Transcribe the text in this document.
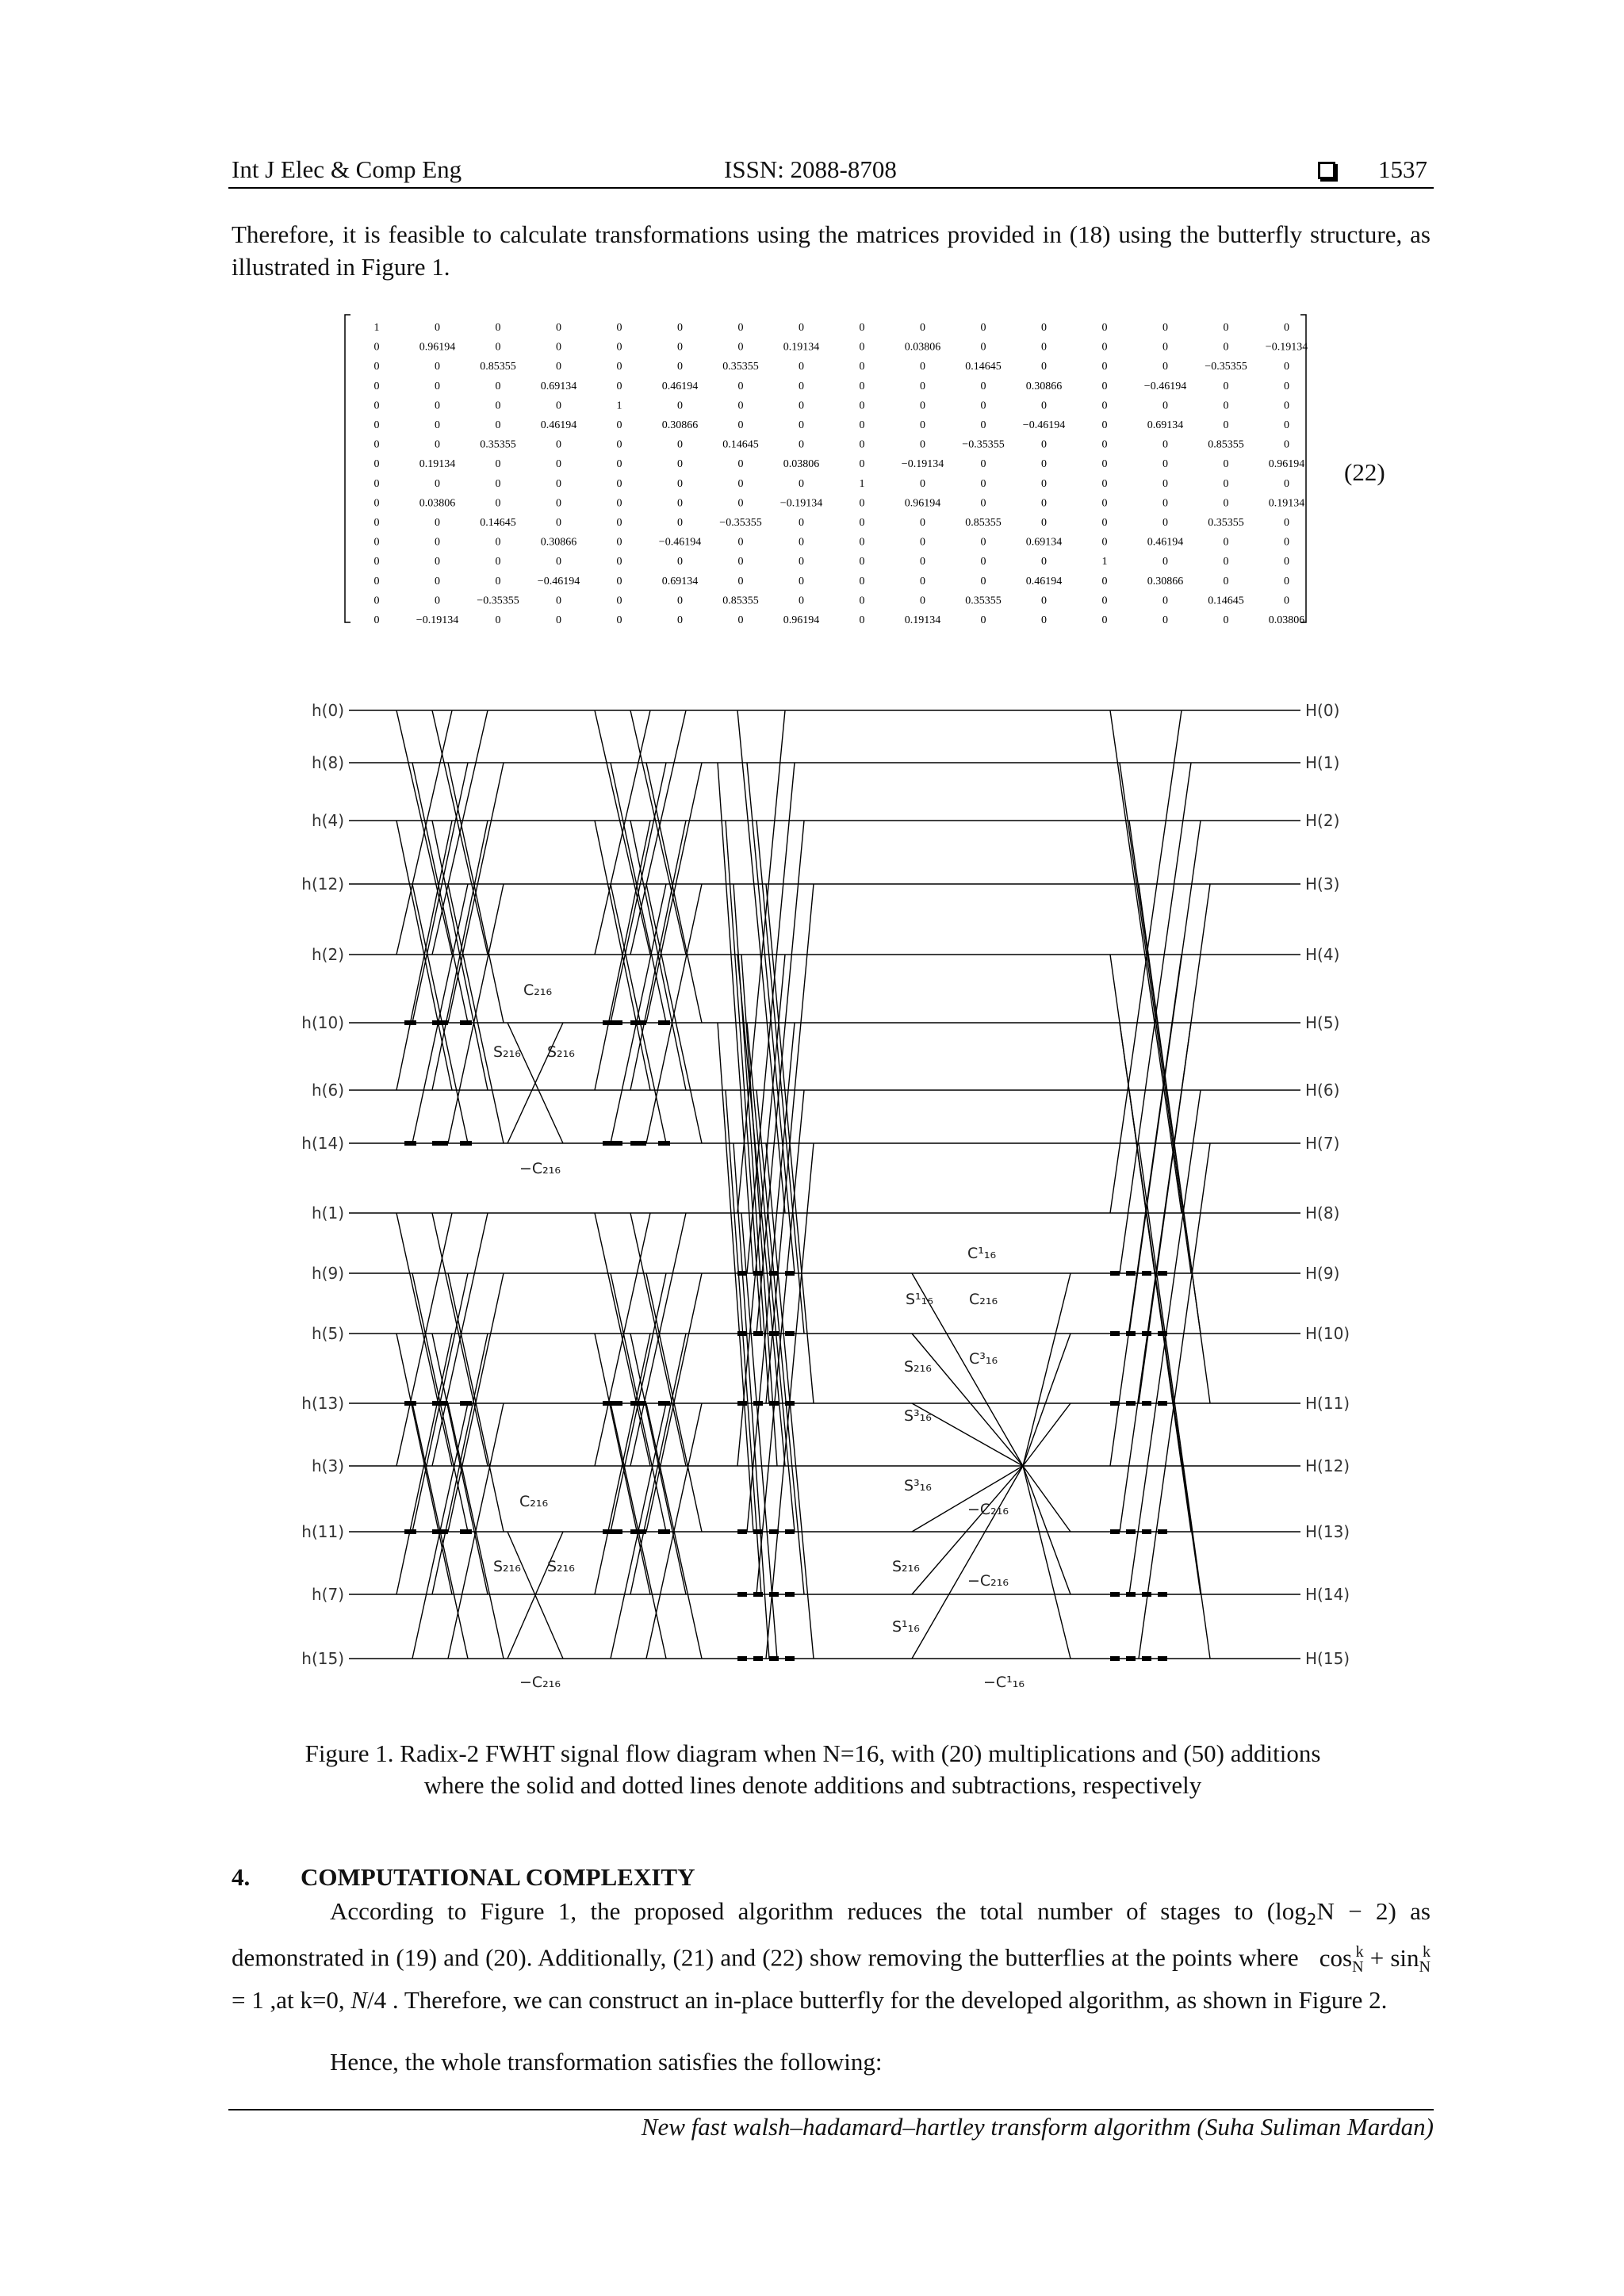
Int J Elec & Comp Eng	ISSN: 2088-8708	1537
Therefore, it is feasible to calculate transformations using the matrices provided in (18) using the butterfly structure, as illustrated in Figure 1.
1	0	0	0	0	0	0	0	0	0	0	0	0	0	0	0
0	0.96194	0	0	0	0	0	0.19134	0	0.03806	0	0	0	0	0	−0.19134
0	0	0.85355	0	0	0	0.35355	0	0	0	0.14645	0	0	0	−0.35355	0
0	0	0	0.69134	0	0.46194	0	0	0	0	0	0.30866	0	−0.46194	0	0
0	0	0	0	1	0	0	0	0	0	0	0	0	0	0	0
0	0	0	0.46194	0	0.30866	0	0	0	0	0	−0.46194	0	0.69134	0	0
0	0	0.35355	0	0	0	0.14645	0	0	0	−0.35355	0	0	0	0.85355	0
0	0.19134	0	0	0	0	0	0.03806	0	−0.19134	0	0	0	0	0	0.96194
0	0	0	0	0	0	0	0	1	0	0	0	0	0	0	0
0	0.03806	0	0	0	0	0	−0.19134	0	0.96194	0	0	0	0	0	0.19134
0	0	0.14645	0	0	0	−0.35355	0	0	0	0.85355	0	0	0	0.35355	0
0	0	0	0.30866	0	−0.46194	0	0	0	0	0	0.69134	0	0.46194	0	0
0	0	0	0	0	0	0	0	0	0	0	0	1	0	0	0
0	0	0	−0.46194	0	0.69134	0	0	0	0	0	0.46194	0	0.30866	0	0
0	0	−0.35355	0	0	0	0.85355	0	0	0	0.35355	0	0	0	0.14645	0
0	−0.19134	0	0	0	0	0	0.96194	0	0.19134	0	0	0	0	0	0.03806
(22)
h(0)	H(0)
h(8)	H(1)
h(4)	H(2)
h(12)	H(3)
h(2)	H(4)
h(10)	H(5)
h(6)	H(6)
h(14)	H(7)
h(1)	H(8)
h(9)	H(9)
h(5)	H(10)
h(13)	H(11)
h(3)	H(12)
h(11)	H(13)
h(7)	H(14)
h(15)	H(15)
C₂₁₆
S₂₁₆ S₂₁₆
−C₂₁₆
C₂₁₆
S₂₁₆ S₂₁₆
−C₂₁₆
C¹₁₆
S¹₁₆ C₂₁₆
S₂₁₆ C³₁₆
S³₁₆
S³₁₆
−C₂₁₆
S₂₁₆
−C₂₁₆
S¹₁₆
−C¹₁₆
Figure 1. Radix-2 FWHT signal flow diagram when N=16, with (20) multiplications and (50) additions
where the solid and dotted lines denote additions and subtractions, respectively
4. COMPUTATIONAL COMPLEXITY
According to Figure 1, the proposed algorithm reduces the total number of stages to $(\log_2N - 2)$ as demonstrated in (19) and (20). Additionally, (21) and (22) show removing the butterflies at the points where $\cos_N^k + \sin_N^k = 1$ ,at k=0, N/4 . Therefore, we can construct an in-place butterfly for the developed algorithm, as shown in Figure 2.
Hence, the whole transformation satisfies the following:
New fast walsh–hadamard–hartley transform algorithm (Suha Suliman Mardan)
